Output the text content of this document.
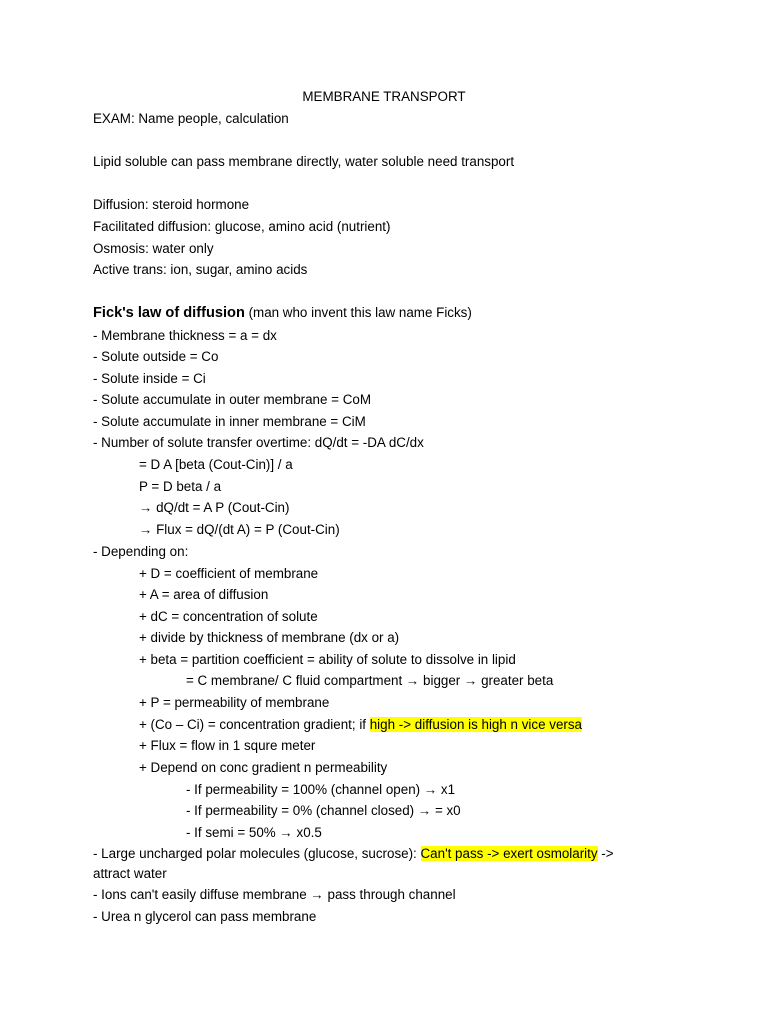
MEMBRANE TRANSPORT
EXAM: Name people, calculation
Lipid soluble can pass membrane directly, water soluble need transport
Diffusion: steroid hormone
Facilitated diffusion: glucose, amino acid (nutrient)
Osmosis: water only
Active trans: ion, sugar, amino acids
Fick's law of diffusion (man who invent this law name Ficks)
- Membrane thickness = a = dx
- Solute outside = Co
- Solute inside = Ci
- Solute accumulate in outer membrane = CoM
- Solute accumulate in inner membrane = CiM
- Number of solute transfer overtime: dQ/dt = -DA dC/dx
= D A [beta (Cout-Cin)] / a
P = D beta / a
→ dQ/dt = A P (Cout-Cin)
→ Flux = dQ/(dt A) = P (Cout-Cin)
- Depending on:
+ D = coefficient of membrane
+ A = area of diffusion
+ dC = concentration of solute
+ divide by thickness of membrane (dx or a)
+ beta = partition coefficient = ability of solute to dissolve in lipid
= C membrane/ C fluid compartment → bigger → greater beta
+ P = permeability of membrane
+ (Co – Ci) = concentration gradient; if high -> diffusion is high n vice versa
+ Flux = flow in 1 squre meter
+ Depend on conc gradient n permeability
- If permeability = 100% (channel open) → x1
- If permeability = 0% (channel closed) → = x0
- If semi = 50% → x0.5
- Large uncharged polar molecules (glucose, sucrose): Can't pass -> exert osmolarity ->
attract water
- Ions can't easily diffuse membrane → pass through channel
- Urea n glycerol can pass membrane
